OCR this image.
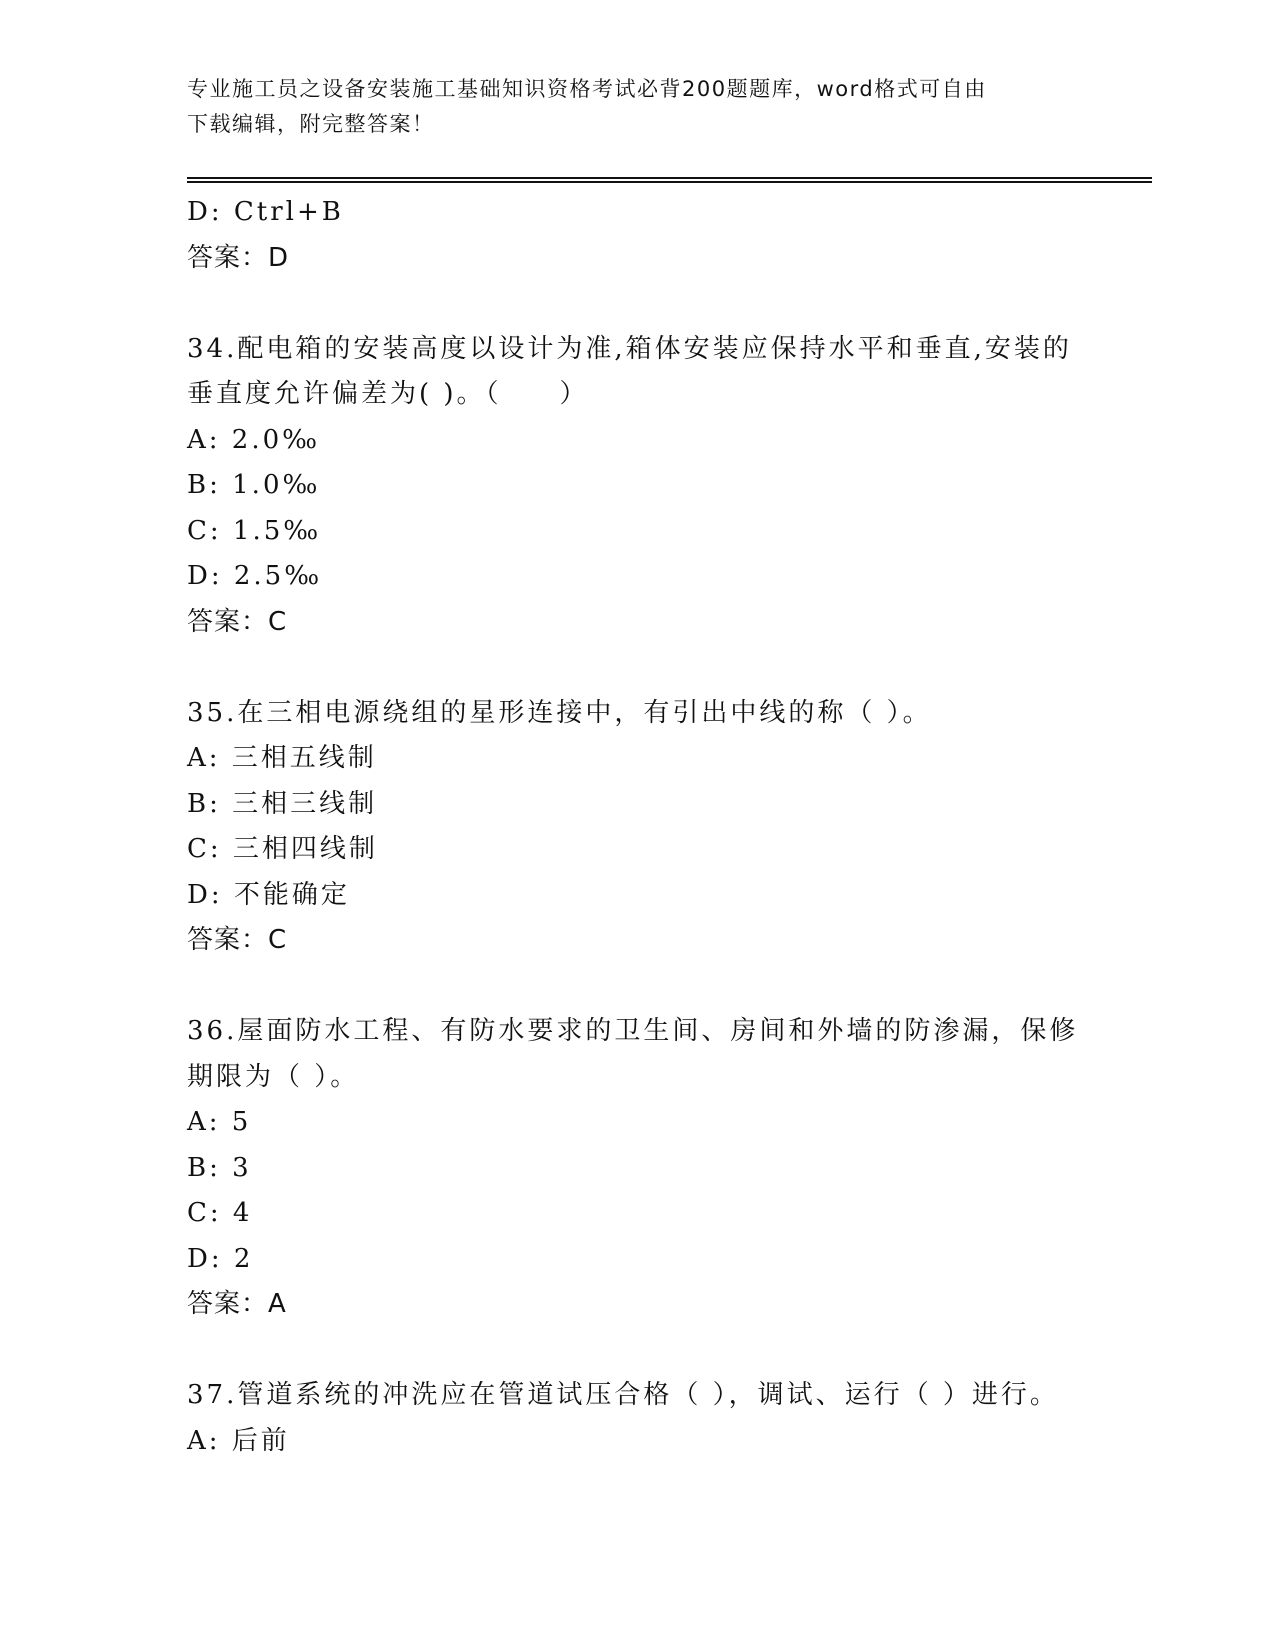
专业施工员之设备安装施工基础知识资格考试必背200题题库，word格式可自由
下载编辑，附完整答案！
D: Ctrl+B
答案：D
34.配电箱的安装高度以设计为准,箱体安装应保持水平和垂直,安装的
垂直度允许偏差为( )。（　　）
A: 2.0‰
B: 1.0‰
C: 1.5‰
D: 2.5‰
答案：C
35.在三相电源绕组的星形连接中，有引出中线的称（ ）。
A: 三相五线制
B: 三相三线制
C: 三相四线制
D: 不能确定
答案：C
36.屋面防水工程、有防水要求的卫生间、房间和外墙的防渗漏，保修
期限为（ ）。
A: 5
B: 3
C: 4
D: 2
答案：A
37.管道系统的冲洗应在管道试压合格（ ），调试、运行（ ）进行。
A: 后前
